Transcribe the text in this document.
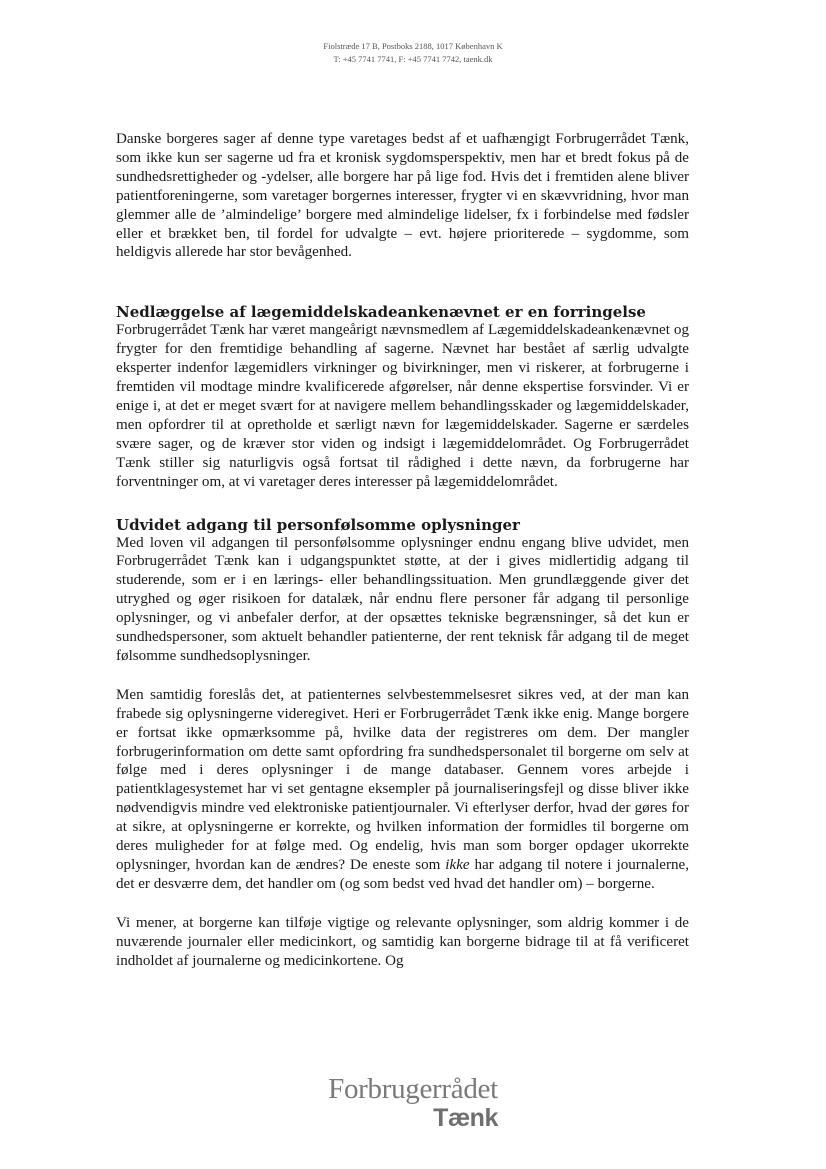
Fiolstræde 17 B, Postboks 2188, 1017 København K
T: +45 7741 7741, F: +45 7741 7742, taenk.dk

Danske borgeres sager af denne type varetages bedst af et uafhængigt Forbrugerrådet Tænk, som ikke kun ser sagerne ud fra et kronisk sygdomsperspektiv, men har et bredt fokus på de sundhedsrettigheder og -ydelser, alle borgere har på lige fod. Hvis det i fremtiden alene bliver patientforeningerne, som varetager borgernes interesser, frygter vi en skævvridning, hvor man glemmer alle de ’almindelige’ borgere med almindelige lidelser, fx i forbindelse med fødsler eller et brækket ben, til fordel for udvalgte – evt. højere prioriterede – sygdomme, som heldigvis allerede har stor bevågenhed.

Nedlæggelse af lægemiddelskadeankenævnet er en forringelse

Forbrugerrådet Tænk har været mangeårigt nævnsmedlem af Lægemiddelskadeankenævnet og frygter for den fremtidige behandling af sagerne. Nævnet har bestået af særlig udvalgte eksperter indenfor lægemidlers virkninger og bivirkninger, men vi riskerer, at forbrugerne i fremtiden vil modtage mindre kvalificerede afgørelser, når denne ekspertise forsvinder. Vi er enige i, at det er meget svært for at navigere mellem behandlingsskader og lægemiddelskader, men opfordrer til at opretholde et særligt nævn for lægemiddelskader. Sagerne er særdeles svære sager, og de kræver stor viden og indsigt i lægemiddelområdet. Og Forbrugerrådet Tænk stiller sig naturligvis også fortsat til rådighed i dette nævn, da forbrugerne har forventninger om, at vi varetager deres interesser på lægemiddelområdet.

Udvidet adgang til personfølsomme oplysninger

Med loven vil adgangen til personfølsomme oplysninger endnu engang blive udvidet, men Forbrugerrådet Tænk kan i udgangspunktet støtte, at der i gives midlertidig adgang til studerende, som er i en lærings- eller behandlingssituation. Men grundlæggende giver det utryghed og øger risikoen for datalæk, når endnu flere personer får adgang til personlige oplysninger, og vi anbefaler derfor, at der opsættes tekniske begrænsninger, så det kun er sundhedspersoner, som aktuelt behandler patienterne, der rent teknisk får adgang til de meget følsomme sundhedsoplysninger.

Men samtidig foreslås det, at patienternes selvbestemmelsesret sikres ved, at der man kan frabede sig oplysningerne videregivet. Heri er Forbrugerrådet Tænk ikke enig. Mange borgere er fortsat ikke opmærksomme på, hvilke data der registreres om dem. Der mangler forbrugerinformation om dette samt opfordring fra sundhedspersonalet til borgerne om selv at følge med i deres oplysninger i de mange databaser. Gennem vores arbejde i patientklagesystemet har vi set gentagne eksempler på journaliseringsfejl og disse bliver ikke nødvendigvis mindre ved elektroniske patientjournaler. Vi efterlyser derfor, hvad der gøres for at sikre, at oplysningerne er korrekte, og hvilken information der formidles til borgerne om deres muligheder for at følge med. Og endelig, hvis man som borger opdager ukorrekte oplysninger, hvordan kan de ændres? De eneste som ikke har adgang til notere i journalerne, det er desværre dem, det handler om (og som bedst ved hvad det handler om) – borgerne.

Vi mener, at borgerne kan tilføje vigtige og relevante oplysninger, som aldrig kommer i de nuværende journaler eller medicinkort, og samtidig kan borgerne bidrage til at få verificeret indholdet af journalerne og medicinkortene. Og

Forbrugerrådet
Tænk
